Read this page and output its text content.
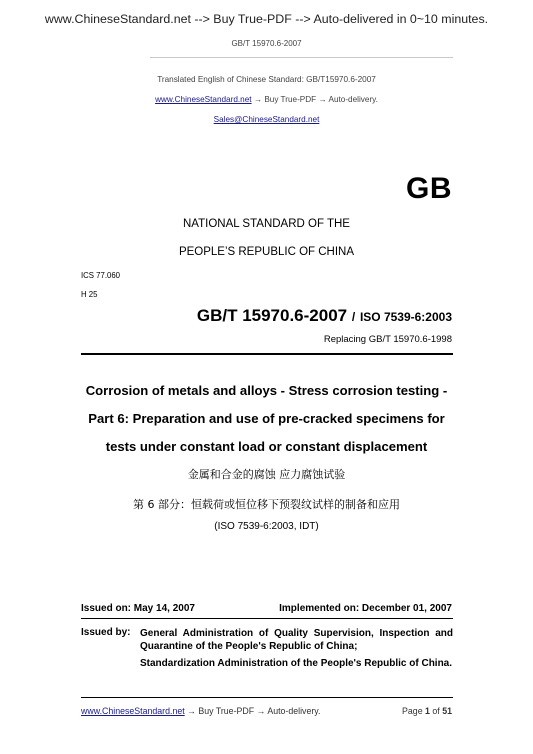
www.ChineseStandard.net --> Buy True-PDF --> Auto-delivered in 0~10 minutes.
GB/T 15970.6-2007
Translated English of Chinese Standard: GB/T15970.6-2007
www.ChineseStandard.net → Buy True-PDF → Auto-delivery.
Sales@ChineseStandard.net
GB
NATIONAL STANDARD OF THE
PEOPLE’S REPUBLIC OF CHINA
ICS 77.060
H 25
GB/T 15970.6-2007 / ISO 7539-6:2003
Replacing GB/T 15970.6-1998
Corrosion of metals and alloys - Stress corrosion testing -
Part 6: Preparation and use of pre-cracked specimens for
tests under constant load or constant displacement
金属和合金的腐蚀 应力腐蚀试验
第 6 部分：恒载荷或恒位移下预裂纹试样的制备和应用
(ISO 7539-6:2003, IDT)
Issued on: May 14, 2007	Implemented on: December 01, 2007
Issued by: General Administration of Quality Supervision, Inspection and Quarantine of the People's Republic of China;
Standardization Administration of the People's Republic of China.
www.ChineseStandard.net → Buy True-PDF → Auto-delivery.	Page 1 of 51
